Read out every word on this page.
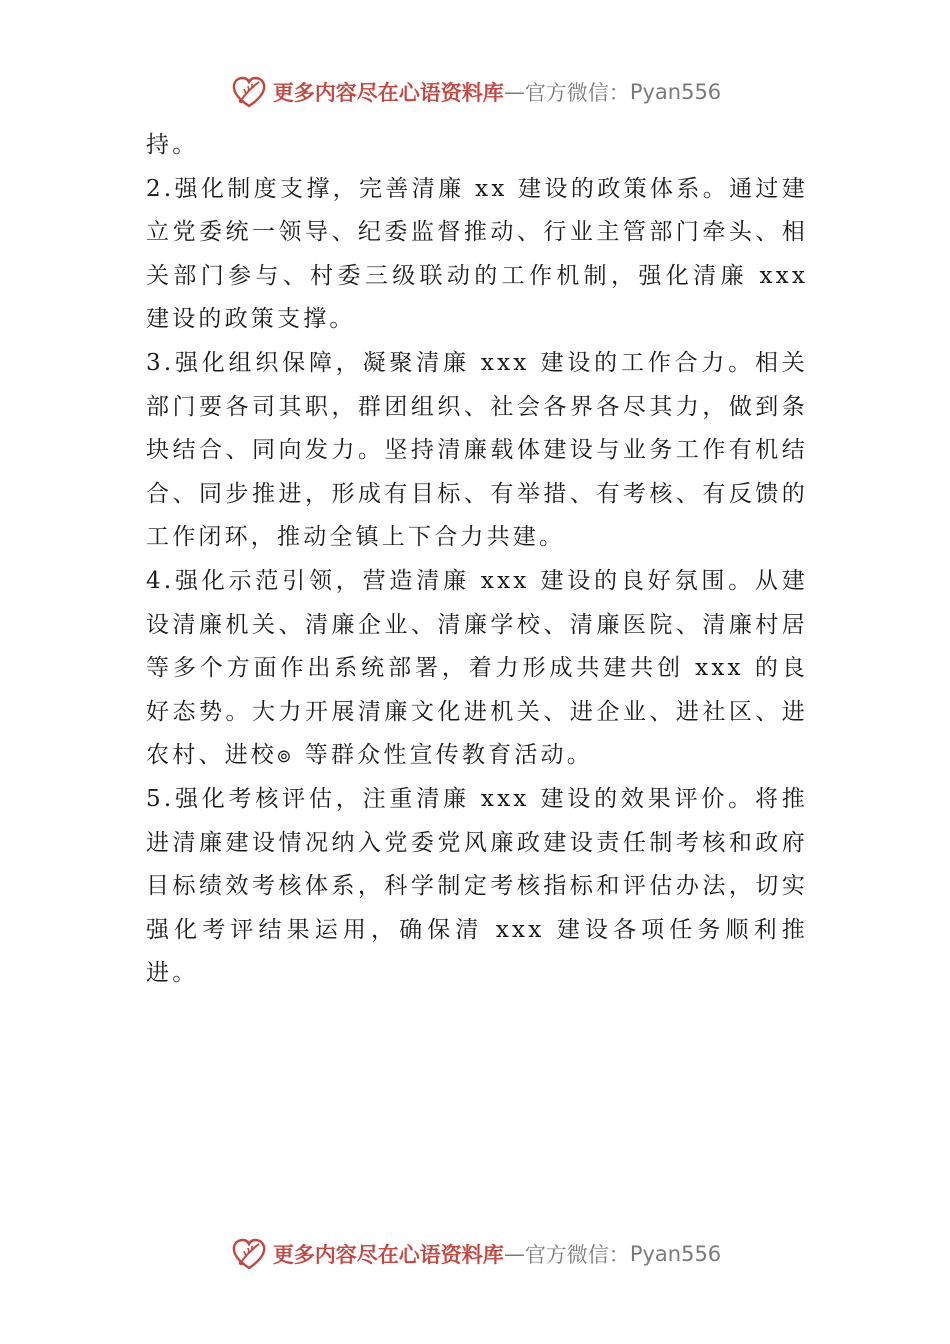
更多内容尽在心语资料库 — 官方微信： Pyan556

持。

2.强化制度支撑，完善清廉 xx 建设的政策体系。通过建立党委统一领导、纪委监督推动、行业主管部门牵头、相关部门参与、村委三级联动的工作机制，强化清廉 xxx 建设的政策支撑。

3.强化组织保障，凝聚清廉 xxx 建设的工作合力。相关部门要各司其职，群团组织、社会各界各尽其力，做到条块结合、同向发力。坚持清廉载体建设与业务工作有机结合、同步推进，形成有目标、有举措、有考核、有反馈的工作闭环，推动全镇上下合力共建。

4.强化示范引领，营造清廉 xxx 建设的良好氛围。从建设清廉机关、清廉企业、清廉学校、清廉医院、清廉村居等多个方面作出系统部署，着力形成共建共创 xxx 的良好态势。大力开展清廉文化进机关、进企业、进社区、进农村、进校๏ 等群众性宣传教育活动。

5.强化考核评估，注重清廉 xxx 建设的效果评价。将推进清廉建设情况纳入党委党风廉政建设责任制考核和政府目标绩效考核体系，科学制定考核指标和评估办法，切实强化考评结果运用，确保清 xxx 建设各项任务顺利推进。

更多内容尽在心语资料库 — 官方微信： Pyan556
